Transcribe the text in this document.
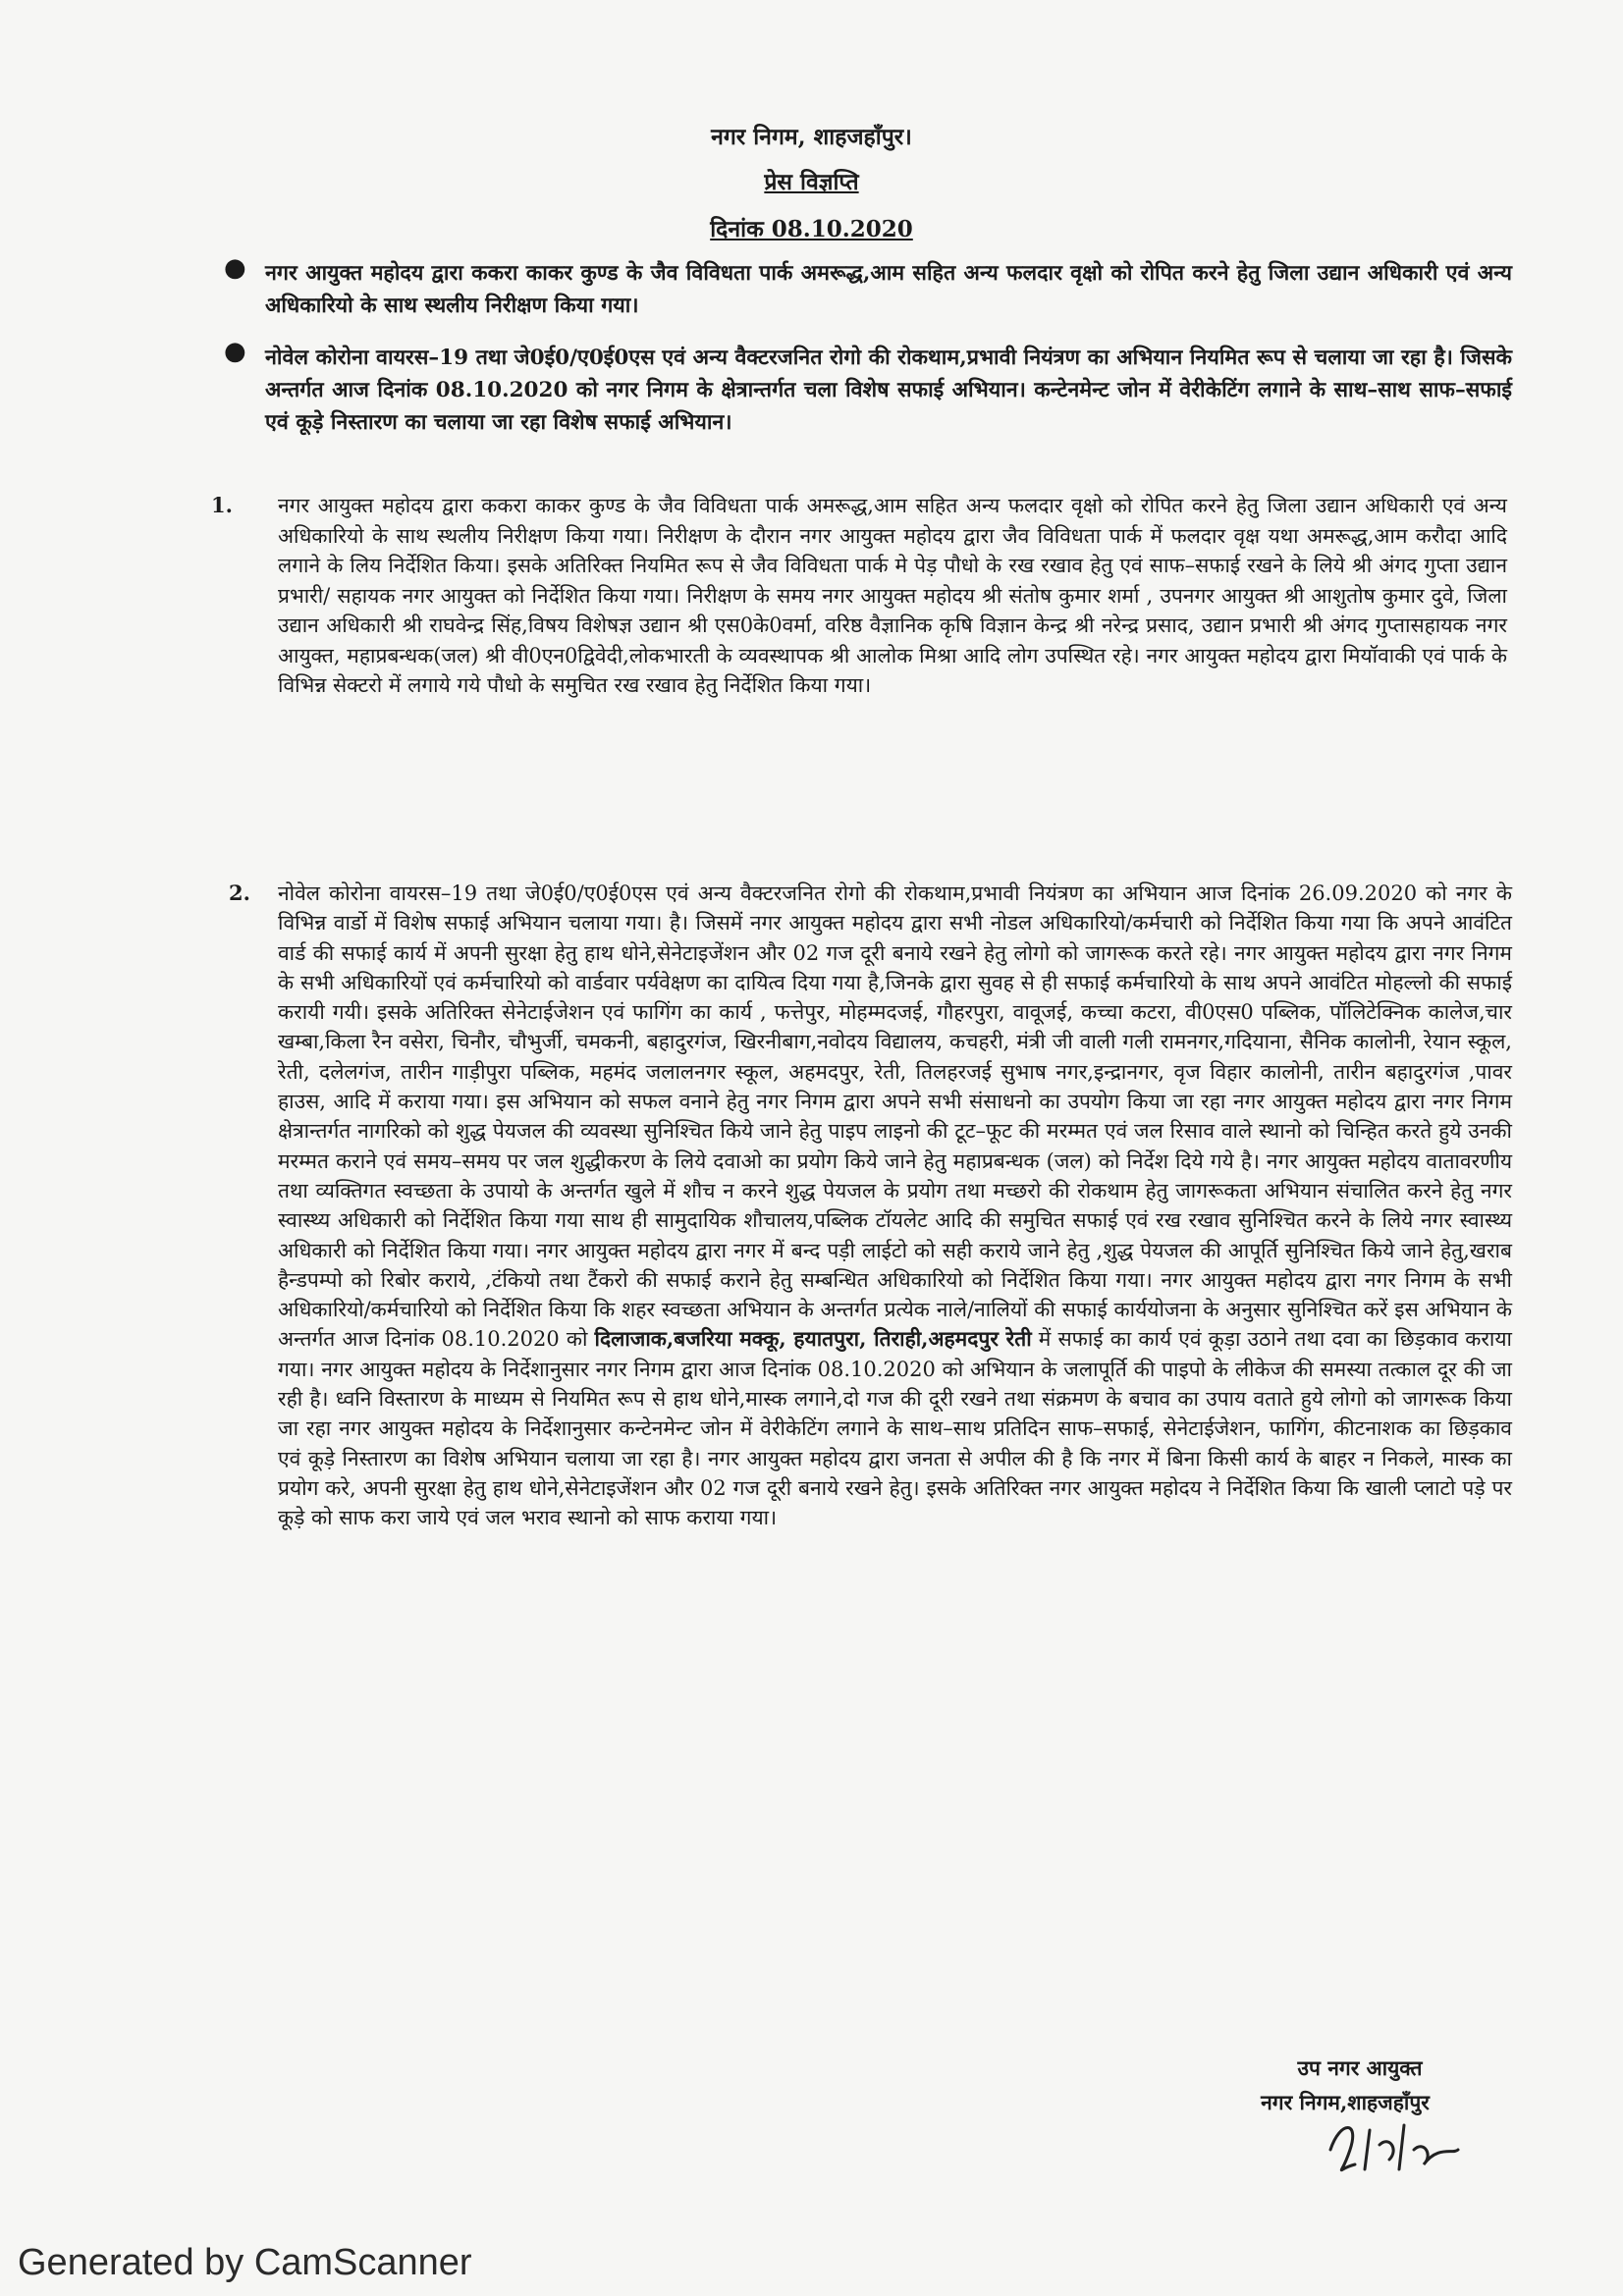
नगर निगम, शाहजहाँपुर।
प्रेस विज्ञप्ति
दिनांक 08.10.2020
● नगर आयुक्त महोदय द्वारा ककरा काकर कुण्ड के जैव विविधता पार्क अमरूद्ध,आम सहित अन्य फलदार वृक्षो को रोपित करने हेतु जिला उद्यान अधिकारी एवं अन्य अधिकारियो के साथ स्थलीय निरीक्षण किया गया।
● नोवेल कोरोना वायरस–19 तथा जे0ई0/ए0ई0एस एवं अन्य वैक्टरजनित रोगो की रोकथाम,प्रभावी नियंत्रण का अभियान नियमित रूप से चलाया जा रहा है। जिसके अन्तर्गत आज दिनांक 08.10.2020 को नगर निगम के क्षेत्रान्तर्गत चला विशेष सफाई अभियान। कन्टेनमेन्ट जोन में वेरीकेटिंग लगाने के साथ–साथ साफ–सफाई एवं कूड़े निस्तारण का चलाया जा रहा विशेष सफाई अभियान।
1. नगर आयुक्त महोदय द्वारा ककरा काकर कुण्ड के जैव विविधता पार्क अमरूद्ध,आम सहित अन्य फलदार वृक्षो को रोपित करने हेतु जिला उद्यान अधिकारी एवं अन्य अधिकारियो के साथ स्थलीय निरीक्षण किया गया। निरीक्षण के दौरान नगर आयुक्त महोदय द्वारा जैव विविधता पार्क में फलदार वृक्ष यथा अमरूद्ध,आम करौदा आदि लगाने के लिय निर्देशित किया। इसके अतिरिक्त नियमित रूप से जैव विविधता पार्क मे पेड़ पौधो के रख रखाव हेतु एवं साफ–सफाई रखने के लिये श्री अंगद गुप्ता उद्यान प्रभारी/ सहायक नगर आयुक्त को निर्देशित किया गया। निरीक्षण के समय नगर आयुक्त महोदय श्री संतोष कुमार शर्मा , उपनगर आयुक्त श्री आशुतोष कुमार दुवे, जिला उद्यान अधिकारी श्री राघवेन्द्र सिंह,विषय विशेषज्ञ उद्यान श्री एस0के0वर्मा, वरिष्ठ वैज्ञानिक कृषि विज्ञान केन्द्र श्री नरेन्द्र प्रसाद, उद्यान प्रभारी श्री अंगद गुप्तासहायक नगर आयुक्त, महाप्रबन्धक(जल) श्री वी0एन0द्विवेदी,लोकभारती के व्यवस्थापक श्री आलोक मिश्रा आदि लोग उपस्थित रहे। नगर आयुक्त महोदय द्वारा मियॉवाकी एवं पार्क के विभिन्न सेक्टरो में लगाये गये पौधो के समुचित रख रखाव हेतु निर्देशित किया गया।
2. नोवेल कोरोना वायरस–19 तथा जे0ई0/ए0ई0एस एवं अन्य वैक्टरजनित रोगो की रोकथाम,प्रभावी नियंत्रण का अभियान आज दिनांक 26.09.2020 को नगर के विभिन्न वार्डो में विशेष सफाई अभियान चलाया गया। है। जिसमें नगर आयुक्त महोदय द्वारा सभी नोडल अधिकारियो/कर्मचारी को निर्देशित किया गया कि अपने आवंटित वार्ड की सफाई कार्य में अपनी सुरक्षा हेतु हाथ धोने,सेनेटाइजेंशन और 02 गज दूरी बनाये रखने हेतु लोगो को जागरूक करते रहे। नगर आयुक्त महोदय द्वारा नगर निगम के सभी अधिकारियों एवं कर्मचारियो को वार्डवार पर्यवेक्षण का दायित्व दिया गया है,जिनके द्वारा सुवह से ही सफाई कर्मचारियो के साथ अपने आवंटित मोहल्लो की सफाई करायी गयी। इसके अतिरिक्त सेनेटाईजेशन एवं फागिंग का कार्य , फत्तेपुर, मोहम्मदजई, गौहरपुरा, वावूजई, कच्चा कटरा, वी0एस0 पब्लिक, पॉलिटेक्निक कालेज,चार खम्बा,किला रैन वसेरा, चिनौर, चौभुर्जी, चमकनी, बहादुरगंज, खिरनीबाग,नवोदय विद्यालय, कचहरी, मंत्री जी वाली गली रामनगर,गदियाना, सैनिक कालोनी, रेयान स्कूल, रेती, दलेलगंज, तारीन गाड़ीपुरा पब्लिक, महमंद जलालनगर स्कूल, अहमदपुर, रेती, तिलहरजई सुभाष नगर,इन्द्रानगर, वृज विहार कालोनी, तारीन बहादुरगंज ,पावर हाउस, आदि में कराया गया। इस अभियान को सफल वनाने हेतु नगर निगम द्वारा अपने सभी संसाधनो का उपयोग किया जा रहा नगर आयुक्त महोदय द्वारा नगर निगम क्षेत्रान्तर्गत नागरिको को शुद्ध पेयजल की व्यवस्था सुनिश्चित किये जाने हेतु पाइप लाइनो की टूट–फूट की मरम्मत एवं जल रिसाव वाले स्थानो को चिन्हित करते हुये उनकी मरम्मत कराने एवं समय–समय पर जल शुद्धीकरण के लिये दवाओ का प्रयोग किये जाने हेतु महाप्रबन्धक (जल) को निर्देश दिये गये है। नगर आयुक्त महोदय वातावरणीय तथा व्यक्तिगत स्वच्छता के उपायो के अन्तर्गत खुले में शौच न करने शुद्ध पेयजल के प्रयोग तथा मच्छरो की रोकथाम हेतु जागरूकता अभियान संचालित करने हेतु नगर स्वास्थ्य अधिकारी को निर्देशित किया गया साथ ही सामुदायिक शौचालय,पब्लिक टॉयलेट आदि की समुचित सफाई एवं रख रखाव सुनिश्चित करने के लिये नगर स्वास्थ्य अधिकारी को निर्देशित किया गया। नगर आयुक्त महोदय द्वारा नगर में बन्द पड़ी लाईटो को सही कराये जाने हेतु ,शुद्ध पेयजल की आपूर्ति सुनिश्चित किये जाने हेतु,खराब हैन्डपम्पो को रिबोर कराये, ,टंकियो तथा टैंकरो की सफाई कराने हेतु सम्बन्धित अधिकारियो को निर्देशित किया गया। नगर आयुक्त महोदय द्वारा नगर निगम के सभी अधिकारियो/कर्मचारियो को निर्देशित किया कि शहर स्वच्छता अभियान के अन्तर्गत प्रत्येक नाले/नालियों की सफाई कार्ययोजना के अनुसार सुनिश्चित करें इस अभियान के अन्तर्गत आज दिनांक 08.10.2020 को दिलाजाक,बजरिया मक्कू, हयातपुरा, तिराही,अहमदपुर रेती में सफाई का कार्य एवं कूड़ा उठाने तथा दवा का छिड़काव कराया गया। नगर आयुक्त महोदय के निर्देशानुसार नगर निगम द्वारा आज दिनांक 08.10.2020 को अभियान के जलापूर्ति की पाइपो के लीकेज की समस्या तत्काल दूर की जा रही है। ध्वनि विस्तारण के माध्यम से नियमित रूप से हाथ धोने,मास्क लगाने,दो गज की दूरी रखने तथा संक्रमण के बचाव का उपाय वताते हुये लोगो को जागरूक किया जा रहा नगर आयुक्त महोदय के निर्देशानुसार कन्टेनमेन्ट जोन में वेरीकेटिंग लगाने के साथ–साथ प्रतिदिन साफ–सफाई, सेनेटाईजेशन, फागिंग, कीटनाशक का छिड़काव एवं कूड़े निस्तारण का विशेष अभियान चलाया जा रहा है। नगर आयुक्त महोदय द्वारा जनता से अपील की है कि नगर में बिना किसी कार्य के बाहर न निकले, मास्क का प्रयोग करे, अपनी सुरक्षा हेतु हाथ धोने,सेनेटाइजेंशन और 02 गज दूरी बनाये रखने हेतु। इसके अतिरिक्त नगर आयुक्त महोदय ने निर्देशित किया कि खाली प्लाटो पड़े पर कूड़े को साफ करा जाये एवं जल भराव स्थानो को साफ कराया गया।
उप नगर आयुक्त
नगर निगम,शाहजहाँपुर
Generated by CamScanner
